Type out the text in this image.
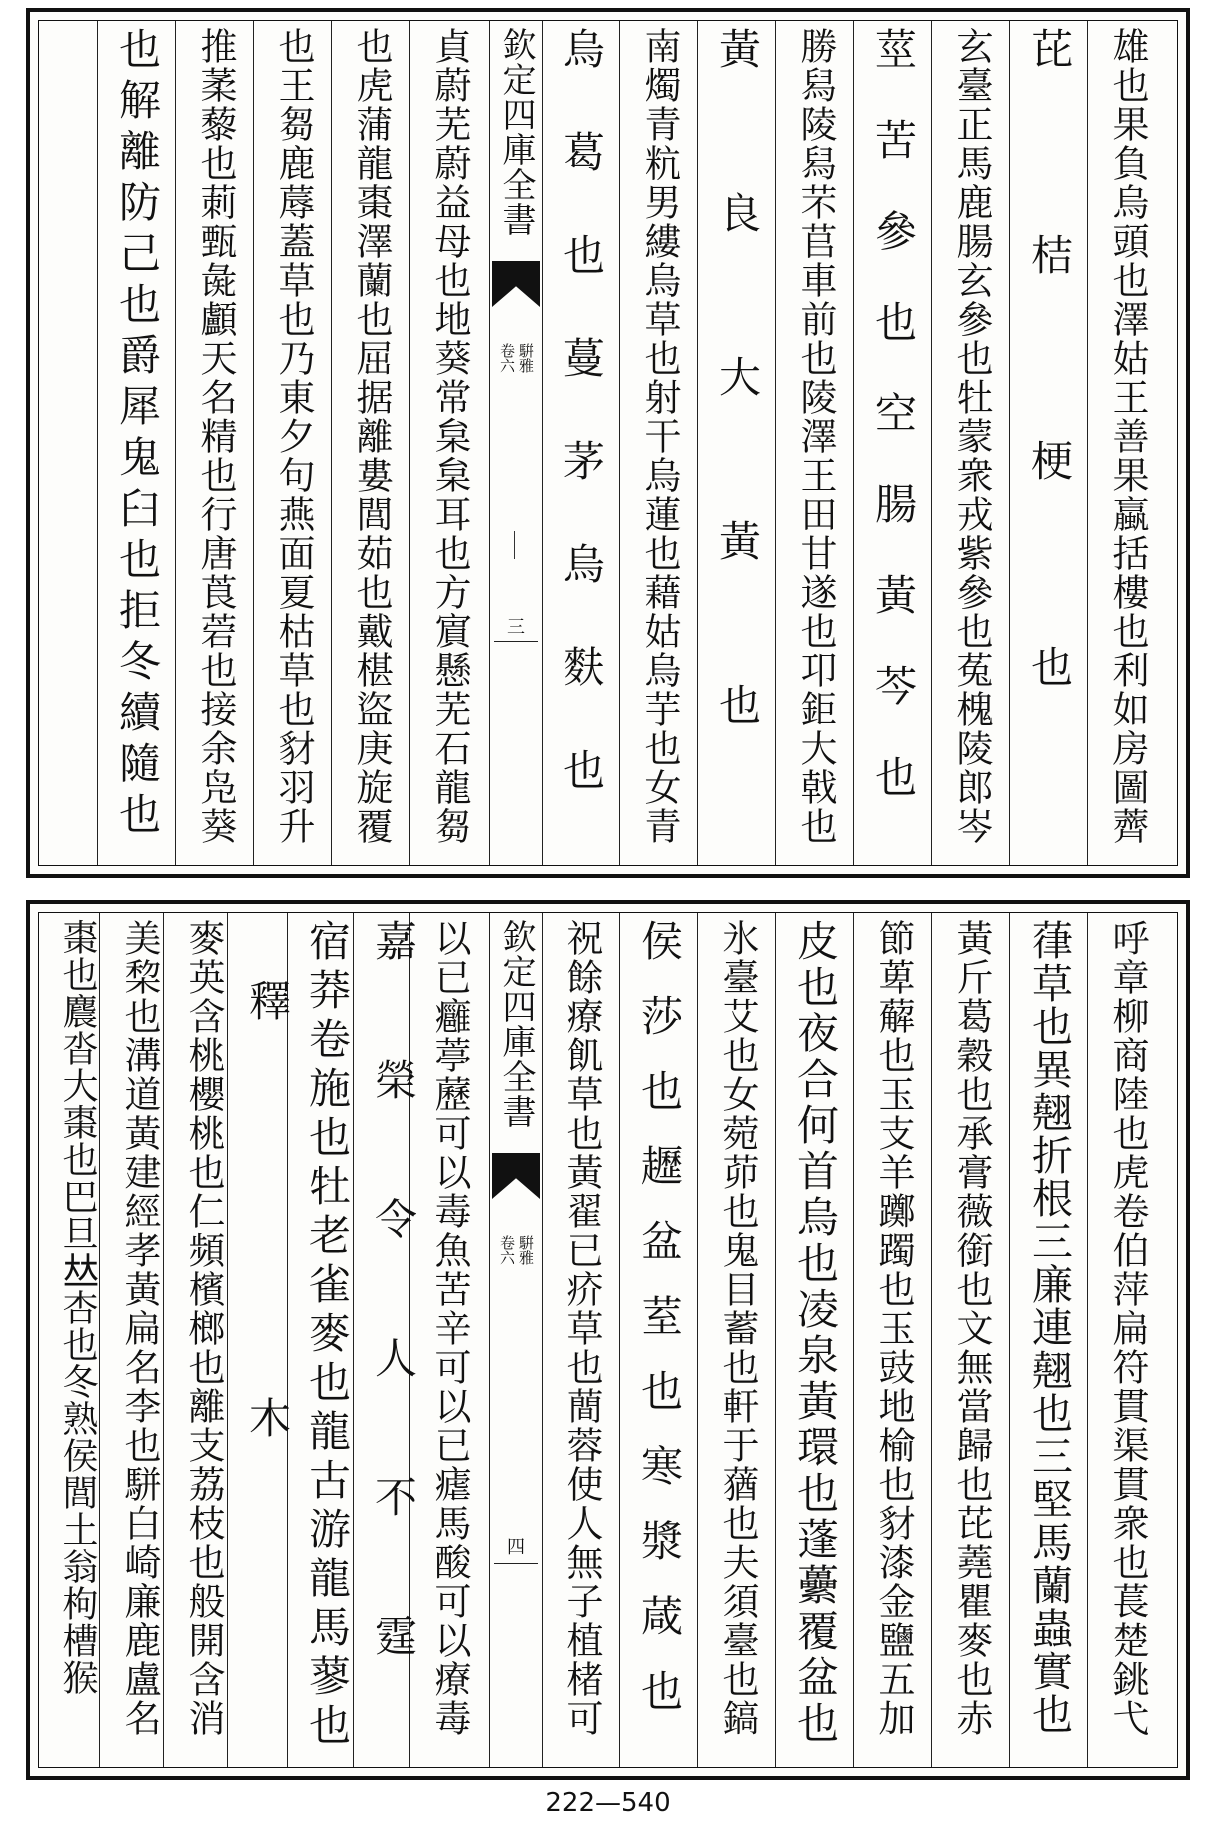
雄也果負烏頭也澤姑王善果蠃括樓也利如房圖薺
芘桔梗也
玄臺正馬鹿腸玄參也牡蒙衆戎紫參也菟槐陵郎岑
莖苦參也空腸黃芩也
勝舄陵舄芣苢車前也陵澤王田甘遂也卭鉅大戟也
黃良大黃也
南燭青粇男縷烏草也射干烏蓮也藉姑烏芋也女青
烏葛也蔓茅烏麩也
欽定四庫全書
騈雅
卷六
三
貞蔚芜蔚益母也地葵常枲枲耳也方賔懸芜石龍芻
也虎蒲龍棗澤蘭也屈据離婁閭茹也戴椹盜庚旋覆
也王芻鹿蓐蓋草也乃東夕句燕面夏枯草也豺羽升
推葇藜也莿甄彘顱天名精也行唐莨菪也接余凫葵
也解離防己也爵犀鬼臼也拒冬續隨也
呼章柳商陸也虎卷伯萍扁符貫渠貫衆也萇楚銚弋
葎草也異翹折根三廉連翹也三堅馬蘭蟲實也
黃斤葛穀也承膏薇銜也文無當歸也芘蕘瞿麥也赤
節萆薢也玉支羊躑躅也玉豉地榆也豺漆金鹽五加
皮也夜合何首烏也凌泉黃環也蓬虆覆盆也
氷臺艾也女菀茆也鬼目蓄也軒于蕕也夫須臺也鎬
侯莎也䟐盆荎也寒漿葴也
祝餘療飢草也黃翟已疥草也蕳蓉使人無子植楮可
欽定四庫全書
騈雅
卷六
四
以已癰葶藶可以毒魚苦辛可以已瘧馬酸可以療毒
嘉榮令人不霆
宿莽卷施也牡老雀麥也龍古游龍馬蓼也
釋木
麥英含桃櫻桃也仁頻檳榔也離支荔枝也般開含消
美棃也溝道黃建經孝黃扁名李也駢白崎廉鹿盧名
棗也麎沓大棗也巴旦𠀤杏也冬熟侯閭土翁枸槽猴
222—540
